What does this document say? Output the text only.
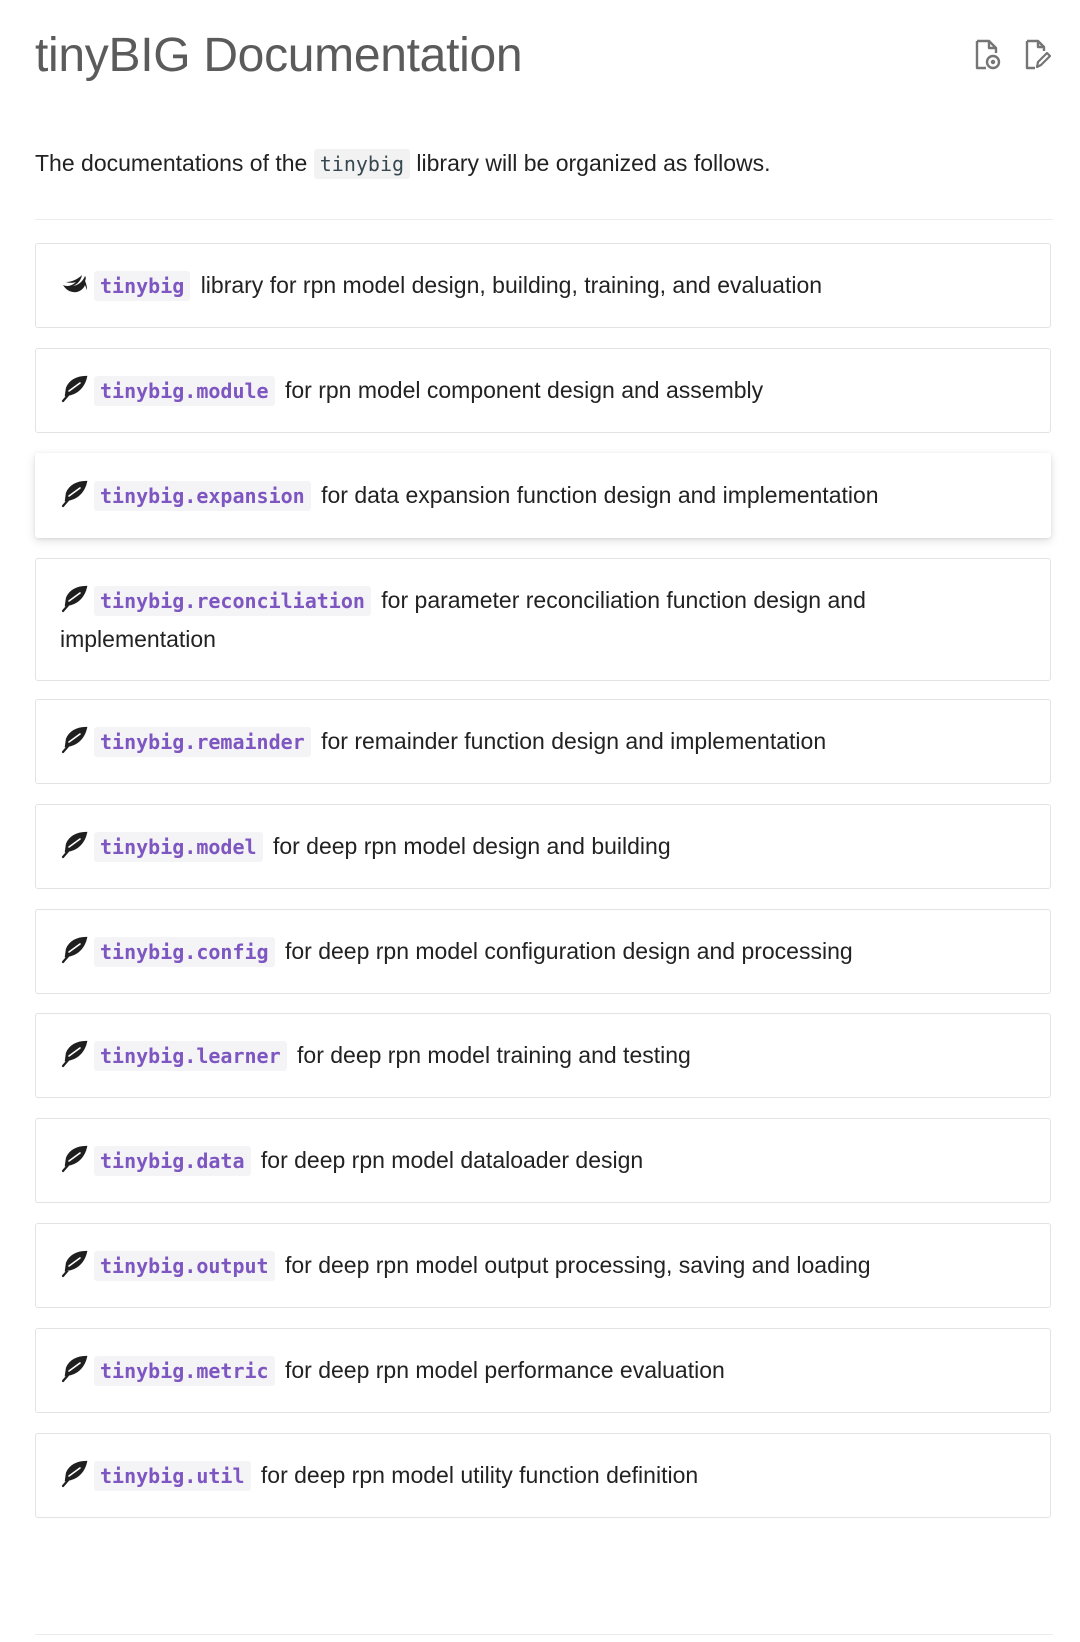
tinyBIG Documentation

The documentations of the tinybig library will be organized as follows.

tinybig library for rpn model design, building, training, and evaluation
tinybig.module for rpn model component design and assembly
tinybig.expansion for data expansion function design and implementation
tinybig.reconciliation for parameter reconciliation function design and implementation
tinybig.remainder for remainder function design and implementation
tinybig.model for deep rpn model design and building
tinybig.config for deep rpn model configuration design and processing
tinybig.learner for deep rpn model training and testing
tinybig.data for deep rpn model dataloader design
tinybig.output for deep rpn model output processing, saving and loading
tinybig.metric for deep rpn model performance evaluation
tinybig.util for deep rpn model utility function definition
